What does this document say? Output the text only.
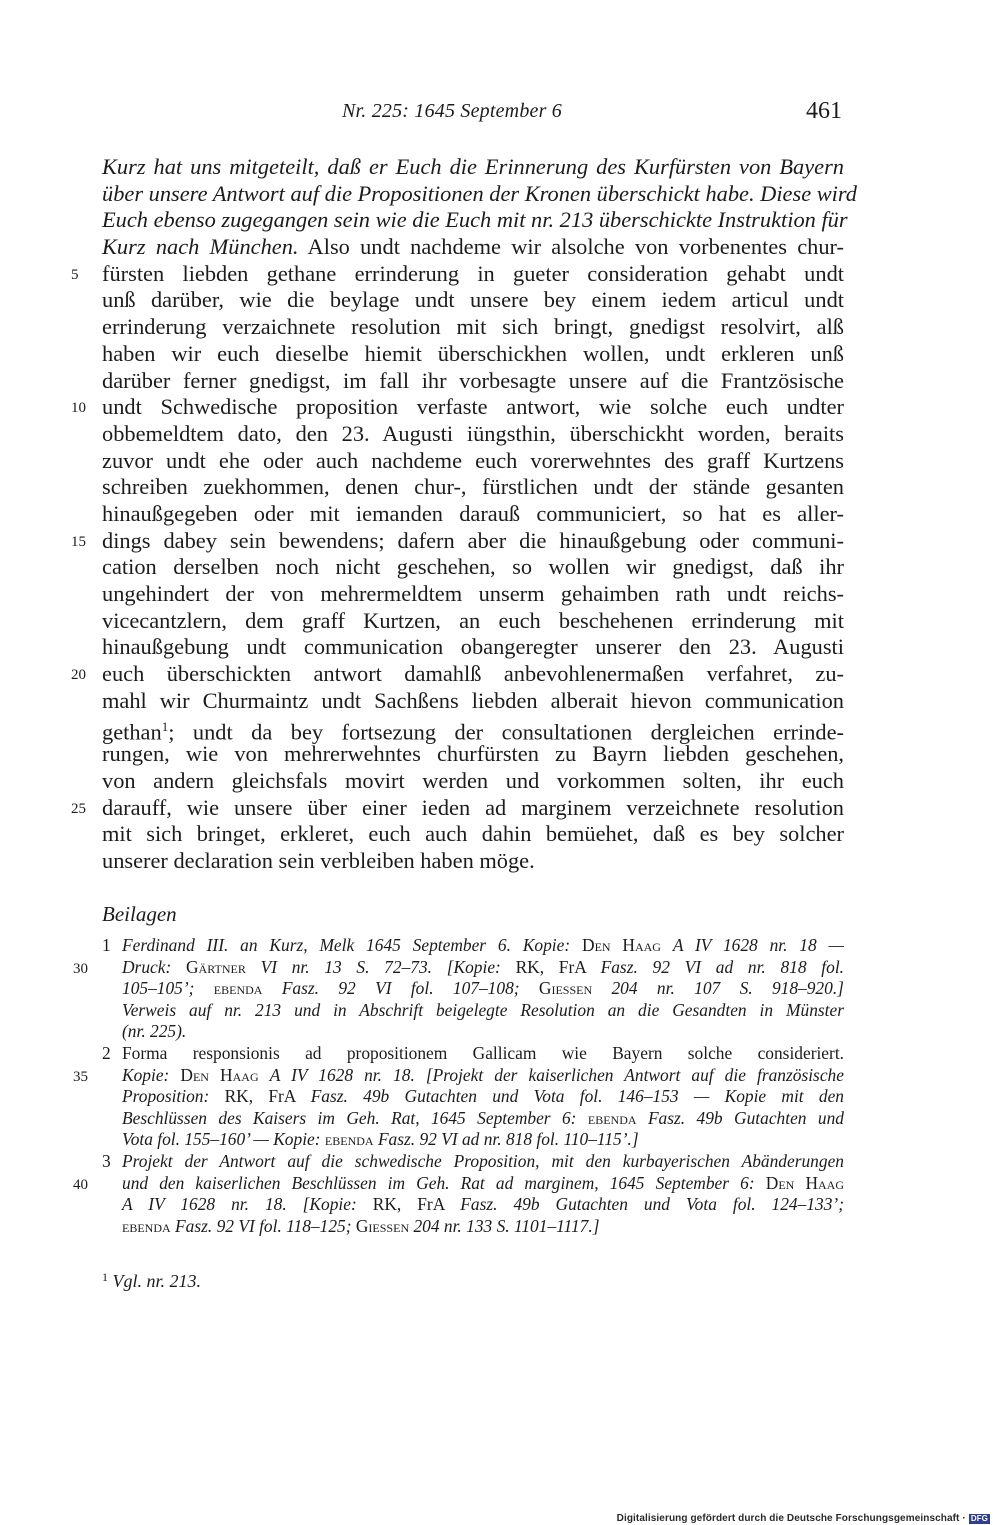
Nr. 225: 1645 September 6	461
Kurz hat uns mitgeteilt, daß er Euch die Erinnerung des Kurfürsten von Bayern
über unsere Antwort auf die Propositionen der Kronen überschickt habe. Diese wird
Euch ebenso zugegangen sein wie die Euch mit nr. 213 überschickte Instruktion für
Kurz nach München. Also undt nachdeme wir alsolche von vorbenentes chur-
5 fürsten liebden gethane errinderung in gueter consideration gehabt undt
unß darüber, wie die beylage undt unsere bey einem iedem articul undt
errinderung verzaichnete resolution mit sich bringt, gnedigst resolvirt, alß
haben wir euch dieselbe hiemit überschickhen wollen, undt erkleren unß
darüber ferner gnedigst, im fall ihr vorbesagte unsere auf die Frantzösische
10 undt Schwedische proposition verfaste antwort, wie solche euch undter
obbemeldtem dato, den 23. Augusti iüngsthin, überschickht worden, beraits
zuvor undt ehe oder auch nachdeme euch vorerwehntes des graff Kurtzens
schreiben zuekhommen, denen chur-, fürstlichen undt der stände gesanten
hinaußgegeben oder mit iemanden darauß communiciert, so hat es aller-
15 dings dabey sein bewendens; dafern aber die hinaußgebung oder communi-
cation derselben noch nicht geschehen, so wollen wir gnedigst, daß ihr
ungehindert der von mehrermeldtem unserm gehaimben rath undt reichs-
vicecantzlern, dem graff Kurtzen, an euch beschehenen errinderung mit
hinaußgebung undt communication obangeregter unserer den 23. Augusti
20 euch überschickten antwort damahlß anbevohlenermaßen verfahret, zu-
mahl wir Churmaintz undt Sachßens liebden alberait hievon communication
gethan$^1$; undt da bey fortsezung der consultationen dergleichen errinde-
rungen, wie von mehrerwehntes churfürsten zu Bayrn liebden geschehen,
von andern gleichsfals movirt werden und vorkommen solten, ihr euch
25 darauff, wie unsere über einer ieden ad marginem verzeichnete resolution
mit sich bringet, erkleret, euch auch dahin bemüehet, daß es bey solcher
unserer declaration sein verbleiben haben möge.
Beilagen
1 Ferdinand III. an Kurz, Melk 1645 September 6. Kopie: Den Haag A IV 1628 nr. 18 —
30 Druck: Gärtner VI nr. 13 S. 72–73. [Kopie: RK, FrA Fasz. 92 VI ad nr. 818 fol.
105–105’; ebenda Fasz. 92 VI fol. 107–108; Giessen 204 nr. 107 S. 918–920.]
Verweis auf nr. 213 und in Abschrift beigelegte Resolution an die Gesandten in Münster
(nr. 225).
2 Forma responsionis ad propositionem Gallicam wie Bayern solche consideriert.
35 Kopie: Den Haag A IV 1628 nr. 18. [Projekt der kaiserlichen Antwort auf die französische
Proposition: RK, FrA Fasz. 49b Gutachten und Vota fol. 146–153 — Kopie mit den
Beschlüssen des Kaisers im Geh. Rat, 1645 September 6: ebenda Fasz. 49b Gutachten und
Vota fol. 155–160’ — Kopie: ebenda Fasz. 92 VI ad nr. 818 fol. 110–115’.]
3 Projekt der Antwort auf die schwedische Proposition, mit den kurbayerischen Abänderungen
40 und den kaiserlichen Beschlüssen im Geh. Rat ad marginem, 1645 September 6: Den Haag
A IV 1628 nr. 18. [Kopie: RK, FrA Fasz. 49b Gutachten und Vota fol. 124–133’;
ebenda Fasz. 92 VI fol. 118–125; Giessen 204 nr. 133 S. 1101–1117.]
$^1$ Vgl. nr. 213.
Digitalisierung gefördert durch die Deutsche Forschungsgemeinschaft · DFG
